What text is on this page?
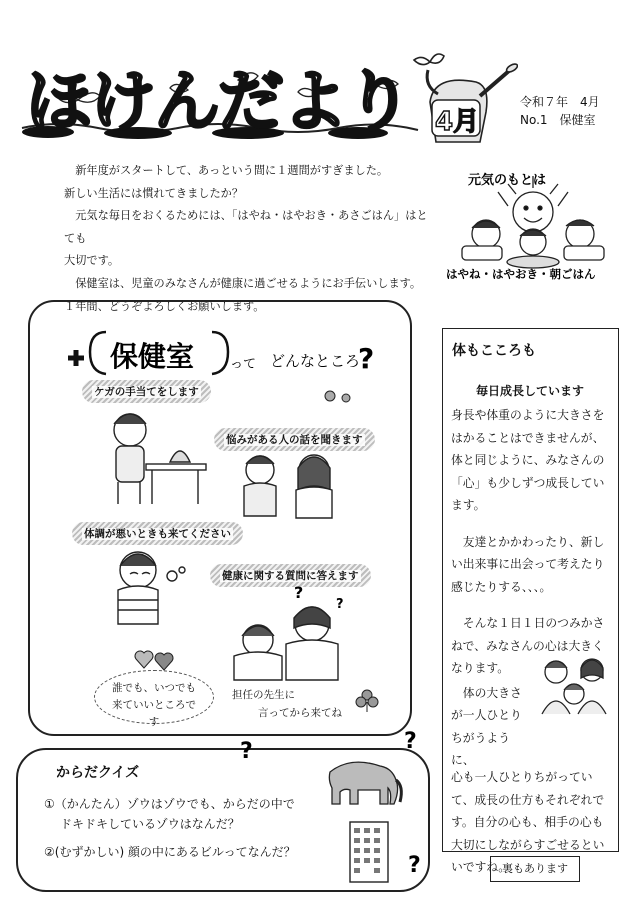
ほけんだより 4月
令和７年　4月
No.1　保健室

新年度がスタートして、あっという間に１週間がすぎました。

新しい生活には慣れてきましたか？

元気な毎日をおくるためには、「はやね・はやおき・あさごはん」はとても

大切です。

保健室は、児童のみなさんが健康に過ごせるようにお手伝いします。

１年間、どうぞよろしくお願いします。

元気のもとは
はやね・はやおき・朝ごはん
保健室	って どんなところ
?
ケガの手当てをします
悩みがある人の話を聞きます
体調が悪いときも来てください
健康に関する質問に答えます
?
?
誰でも、いつでも
来ていいところです
担任の先生に
言ってから来てね
体もこころも
毎日成長しています

身長や体重のように大きさをはかることはできませんが、体と同じように、みなさんの「心」も少しずつ成長しています。

友達とかかわったり、新しい出来事に出会って考えたり感じたりする、、、。

そんな１日１日のつみかさねで、みなさんの心は大きくなります。

体の大きさが一人ひとりちがうように、
心も一人ひとりちがっていて、成長の仕方もそれぞれです。自分の心も、相手の心も大切にしながらすごせるといいですね。
からだクイズ
①（かんたん）ゾウはゾウでも、からだの中で
ドキドキしているゾウはなんだ？
②(むずかしい) 顔の中にあるビルってなんだ？
?	?
?	裏もあります
